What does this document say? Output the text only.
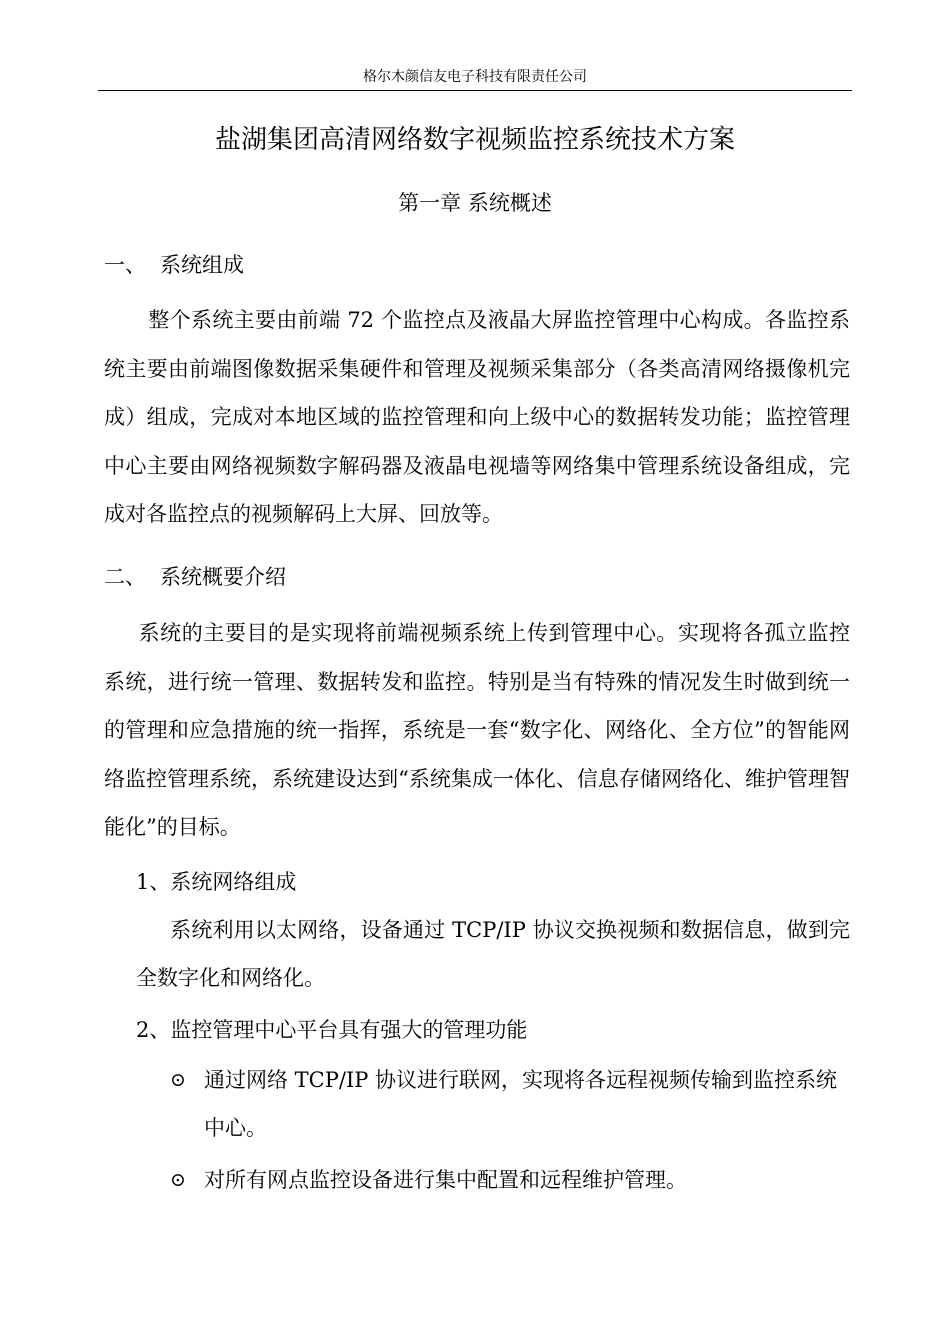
格尔木颜信友电子科技有限责任公司
盐湖集团高清网络数字视频监控系统技术方案
第一章 系统概述
一、 系统组成
整个系统主要由前端 72 个监控点及液晶大屏监控管理中心构成。各监控系统主要由前端图像数据采集硬件和管理及视频采集部分（各类高清网络摄像机完成）组成，完成对本地区域的监控管理和向上级中心的数据转发功能；监控管理中心主要由网络视频数字解码器及液晶电视墙等网络集中管理系统设备组成，完成对各监控点的视频解码上大屏、回放等。
二、 系统概要介绍
系统的主要目的是实现将前端视频系统上传到管理中心。实现将各孤立监控系统，进行统一管理、数据转发和监控。特别是当有特殊的情况发生时做到统一的管理和应急措施的统一指挥，系统是一套“数字化、网络化、全方位”的智能网络监控管理系统，系统建设达到“系统集成一体化、信息存储网络化、维护管理智能化”的目标。
1、系统网络组成
系统利用以太网络，设备通过 TCP/IP 协议交换视频和数据信息，做到完全数字化和网络化。
2、监控管理中心平台具有强大的管理功能
⊙ 通过网络 TCP/IP 协议进行联网，实现将各远程视频传输到监控系统中心。
⊙ 对所有网点监控设备进行集中配置和远程维护管理。
